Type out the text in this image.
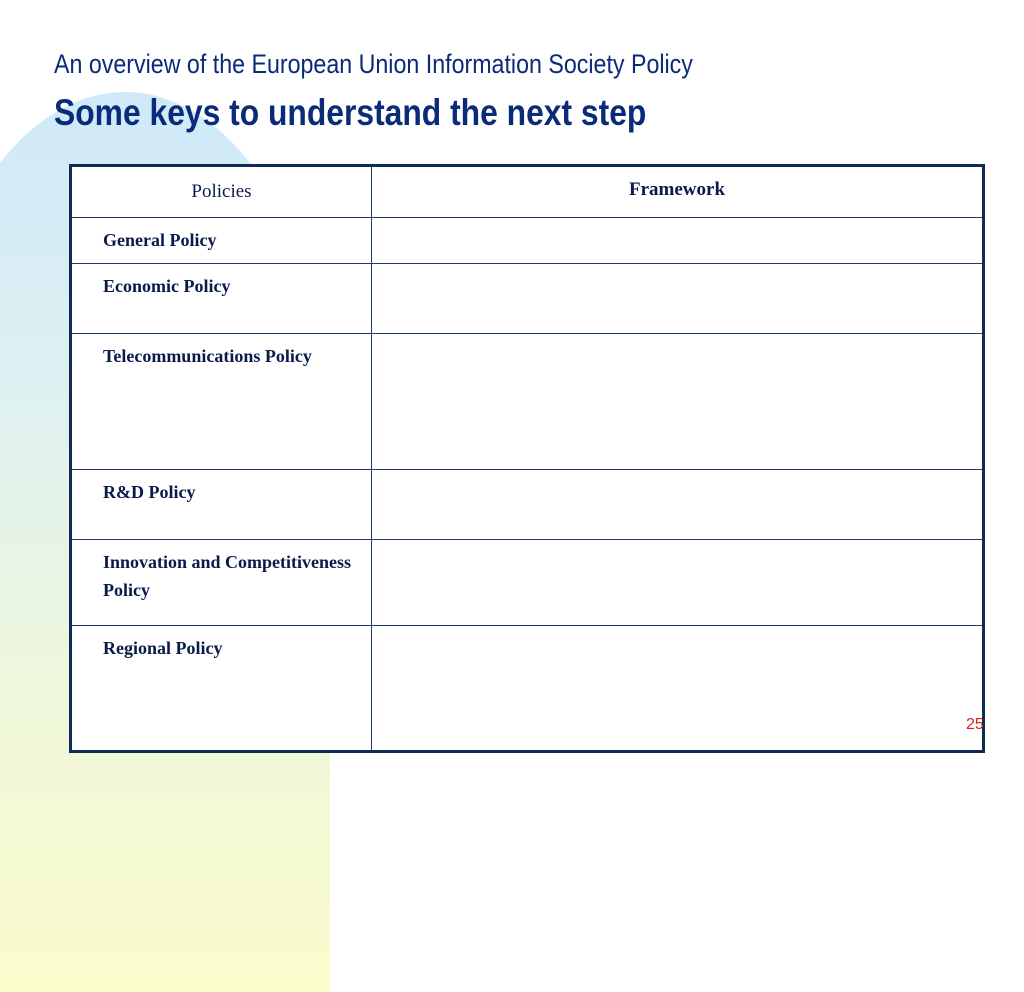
An overview of the European Union Information Society Policy
Some keys to understand the next step
Policies	Framework
General Policy	
Economic Policy	
Telecommunications Policy	
R&D Policy	
Innovation and Competitiveness Policy	
Regional Policy	
25
